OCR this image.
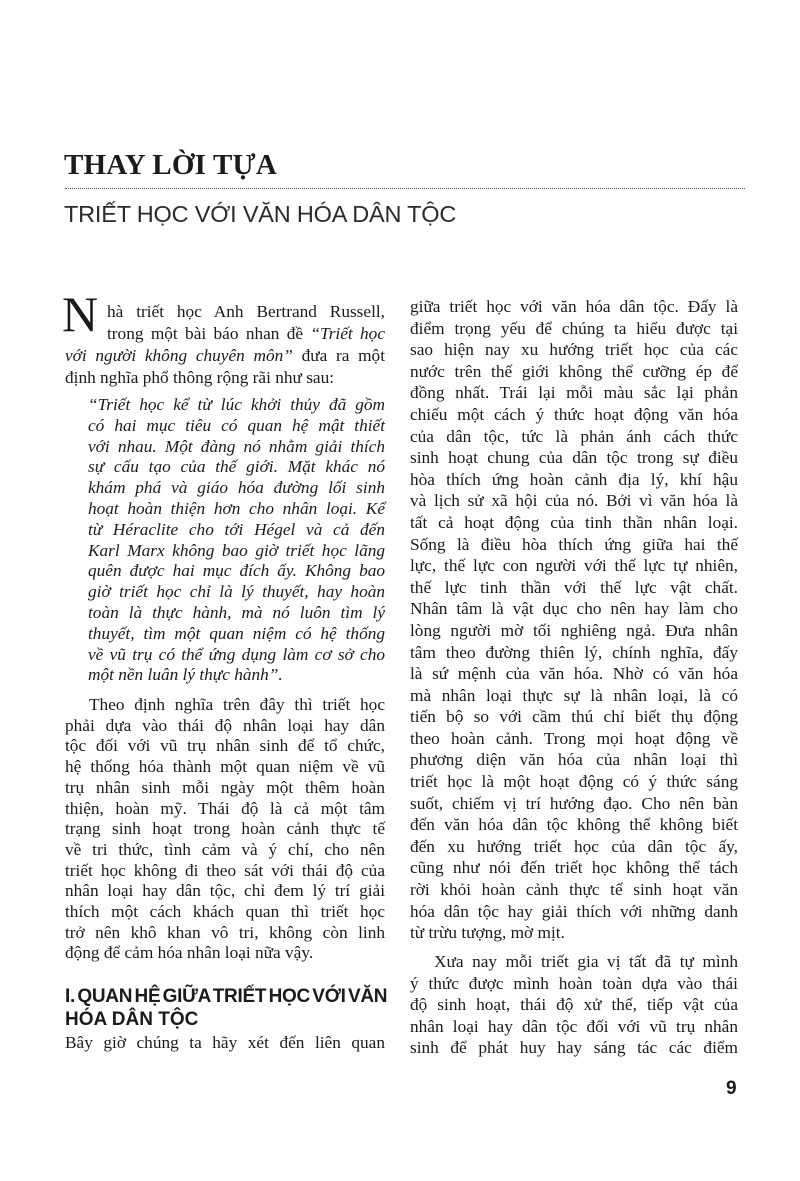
THAY LỜI TỰA
TRIẾT HỌC VỚI VĂN HÓA DÂN TỘC
N hà triết học Anh Bertrand Russell,
trong một bài báo nhan đề “Triết học
với người không chuyên môn” đưa ra một
định nghĩa phổ thông rộng rãi như sau:
“Triết học kể từ lúc khởi thủy đã gồm
có hai mục tiêu có quan hệ mật thiết
với nhau. Một đàng nó nhằm giải thích
sự cấu tạo của thế giới. Mặt khác nó
khám phá và giáo hóa đường lối sinh
hoạt hoàn thiện hơn cho nhân loại. Kể
từ Héraclite cho tới Hégel và cả đến
Karl Marx không bao giờ triết học lãng
quên được hai mục đích ấy. Không bao
giờ triết học chỉ là lý thuyết, hay hoàn
toàn là thực hành, mà nó luôn tìm lý
thuyết, tìm một quan niệm có hệ thống
về vũ trụ có thể ứng dụng làm cơ sở cho
một nền luân lý thực hành”.
Theo định nghĩa trên đây thì triết học
phải dựa vào thái độ nhân loại hay dân
tộc đối với vũ trụ nhân sinh để tổ chức,
hệ thống hóa thành một quan niệm về vũ
trụ nhân sinh mỗi ngày một thêm hoàn
thiện, hoàn mỹ. Thái độ là cả một tâm
trạng sinh hoạt trong hoàn cảnh thực tế
về tri thức, tình cảm và ý chí, cho nên
triết học không đi theo sát với thái độ của
nhân loại hay dân tộc, chỉ đem lý trí giải
thích một cách khách quan thì triết học
trở nên khô khan vô tri, không còn linh
động để cảm hóa nhân loại nữa vậy.
I. QUAN HỆ GIỮA TRIẾT HỌC VỚI VĂN
HÓA DÂN TỘC
Bây giờ chúng ta hãy xét đến liên quan
giữa triết học với văn hóa dân tộc. Đấy là
điểm trọng yếu để chúng ta hiểu được tại
sao hiện nay xu hướng triết học của các
nước trên thế giới không thể cưỡng ép để
đồng nhất. Trái lại mỗi màu sắc lại phản
chiếu một cách ý thức hoạt động văn hóa
của dân tộc, tức là phản ánh cách thức
sinh hoạt chung của dân tộc trong sự điều
hòa thích ứng hoàn cảnh địa lý, khí hậu
và lịch sử xã hội của nó. Bởi vì văn hóa là
tất cả hoạt động của tinh thần nhân loại.
Sống là điều hòa thích ứng giữa hai thế
lực, thế lực con người với thế lực tự nhiên,
thế lực tinh thần với thế lực vật chất.
Nhân tâm là vật dục cho nên hay làm cho
lòng người mờ tối nghiêng ngả. Đưa nhân
tâm theo đường thiên lý, chính nghĩa, đấy
là sứ mệnh của văn hóa. Nhờ có văn hóa
mà nhân loại thực sự là nhân loại, là có
tiến bộ so với cầm thú chỉ biết thụ động
theo hoàn cảnh. Trong mọi hoạt động về
phương diện văn hóa của nhân loại thì
triết học là một hoạt động có ý thức sáng
suốt, chiếm vị trí hướng đạo. Cho nên bàn
đến văn hóa dân tộc không thể không biết
đến xu hướng triết học của dân tộc ấy,
cũng như nói đến triết học không thể tách
rời khỏi hoàn cảnh thực tế sinh hoạt văn
hóa dân tộc hay giải thích với những danh
từ trừu tượng, mờ mịt.
Xưa nay mỗi triết gia vị tất đã tự mình
ý thức được mình hoàn toàn dựa vào thái
độ sinh hoạt, thái độ xử thế, tiếp vật của
nhân loại hay dân tộc đối với vũ trụ nhân
sinh để phát huy hay sáng tác các điểm
9
